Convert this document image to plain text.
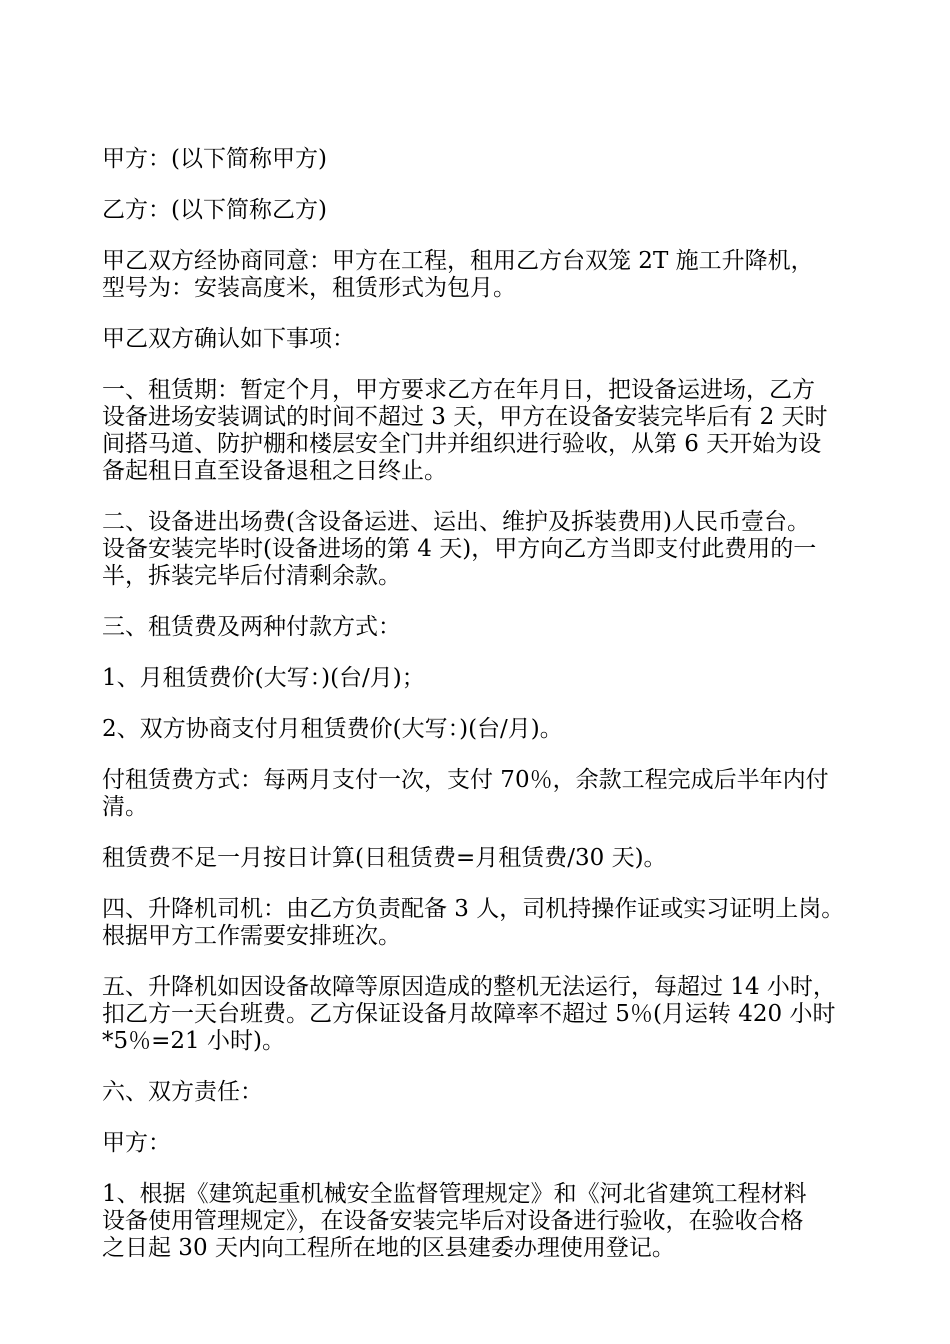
甲方：(以下简称甲方)

乙方：(以下简称乙方)

甲乙双方经协商同意：甲方在工程，租用乙方台双笼 2T 施工升降机，
型号为：安装高度米，租赁形式为包月。

甲乙双方确认如下事项：

一、租赁期：暂定个月，甲方要求乙方在年月日，把设备运进场，乙方
设备进场安装调试的时间不超过 3 天，甲方在设备安装完毕后有 2 天时
间搭马道、防护棚和楼层安全门井并组织进行验收，从第 6 天开始为设
备起租日直至设备退租之日终止。

二、设备进出场费(含设备运进、运出、维护及拆装费用)人民币壹台。
设备安装完毕时(设备进场的第 4 天)，甲方向乙方当即支付此费用的一
半，拆装完毕后付清剩余款。

三、租赁费及两种付款方式：

1、月租赁费价(大写：)(台/月)；

2、双方协商支付月租赁费价(大写：)(台/月)。

付租赁费方式：每两月支付一次，支付 70％，余款工程完成后半年内付
清。

租赁费不足一月按日计算(日租赁费=月租赁费/30 天)。

四、升降机司机：由乙方负责配备 3 人，司机持操作证或实习证明上岗。
根据甲方工作需要安排班次。

五、升降机如因设备故障等原因造成的整机无法运行，每超过 14 小时，
扣乙方一天台班费。乙方保证设备月故障率不超过 5％(月运转 420 小时
*5％=21 小时)。

六、双方责任：

甲方：

1、根据《建筑起重机械安全监督管理规定》和《河北省建筑工程材料
设备使用管理规定》，在设备安装完毕后对设备进行验收，在验收合格
之日起 30 天内向工程所在地的区县建委办理使用登记。
